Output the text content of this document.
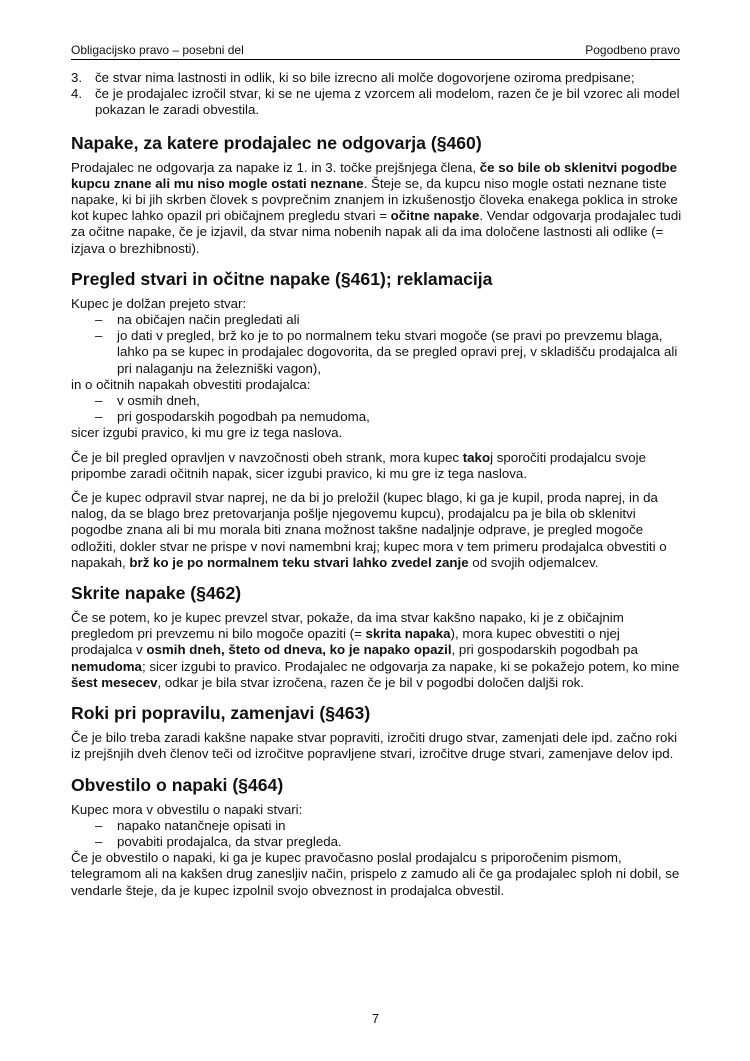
Obligacijsko pravo – posebni del	Pogodbeno pravo
3. če stvar nima lastnosti in odlik, ki so bile izrecno ali molče dogovorjene oziroma predpisane;
4. če je prodajalec izročil stvar, ki se ne ujema z vzorcem ali modelom, razen če je bil vzorec ali model pokazan le zaradi obvestila.
Napake, za katere prodajalec ne odgovarja (§460)

Prodajalec ne odgovarja za napake iz 1. in 3. točke prejšnjega člena, če so bile ob sklenitvi pogodbe kupcu znane ali mu niso mogle ostati neznane. Šteje se, da kupcu niso mogle ostati neznane tiste napake, ki bi jih skrben človek s povprečnim znanjem in izkušenostjo človeka enakega poklica in stroke kot kupec lahko opazil pri običajnem pregledu stvari = očitne napake. Vendar odgovarja prodajalec tudi za očitne napake, če je izjavil, da stvar nima nobenih napak ali da ima določene lastnosti ali odlike (= izjava o brezhibnosti).

Pregled stvari in očitne napake (§461); reklamacija

Kupec je dolžan prejeto stvar:

– na običajen način pregledati ali
– jo dati v pregled, brž ko je to po normalnem teku stvari mogoče (se pravi po prevzemu blaga, lahko pa se kupec in prodajalec dogovorita, da se pregled opravi prej, v skladišču prodajalca ali pri nalaganju na železniški vagon),

in o očitnih napakah obvestiti prodajalca:

– v osmih dneh,
– pri gospodarskih pogodbah pa nemudoma,

sicer izgubi pravico, ki mu gre iz tega naslova.

Če je bil pregled opravljen v navzočnosti obeh strank, mora kupec takoj sporočiti prodajalcu svoje pripombe zaradi očitnih napak, sicer izgubi pravico, ki mu gre iz tega naslova.

Če je kupec odpravil stvar naprej, ne da bi jo preložil (kupec blago, ki ga je kupil, proda naprej, in da nalog, da se blago brez pretovarjanja pošlje njegovemu kupcu), prodajalcu pa je bila ob sklenitvi pogodbe znana ali bi mu morala biti znana možnost takšne nadaljnje odprave, je pregled mogoče odložiti, dokler stvar ne prispe v novi namembni kraj; kupec mora v tem primeru prodajalca obvestiti o napakah, brž ko je po normalnem teku stvari lahko zvedel zanje od svojih odjemalcev.

Skrite napake (§462)

Če se potem, ko je kupec prevzel stvar, pokaže, da ima stvar kakšno napako, ki je z običajnim pregledom pri prevzemu ni bilo mogoče opaziti (= skrita napaka), mora kupec obvestiti o njej prodajalca v osmih dneh, šteto od dneva, ko je napako opazil, pri gospodarskih pogodbah pa nemudoma; sicer izgubi to pravico. Prodajalec ne odgovarja za napake, ki se pokažejo potem, ko mine šest mesecev, odkar je bila stvar izročena, razen če je bil v pogodbi določen daljši rok.

Roki pri popravilu, zamenjavi (§463)

Če je bilo treba zaradi kakšne napake stvar popraviti, izročiti drugo stvar, zamenjati dele ipd. začno roki iz prejšnjih dveh členov teči od izročitve popravljene stvari, izročitve druge stvari, zamenjave delov ipd.

Obvestilo o napaki (§464)

Kupec mora v obvestilu o napaki stvari:

– napako natančneje opisati in
– povabiti prodajalca, da stvar pregleda.

Če je obvestilo o napaki, ki ga je kupec pravočasno poslal prodajalcu s priporočenim pismom, telegramom ali na kakšen drug zanesljiv način, prispelo z zamudo ali če ga prodajalec sploh ni dobil, se vendarle šteje, da je kupec izpolnil svojo obveznost in prodajalca obvestil.

7
